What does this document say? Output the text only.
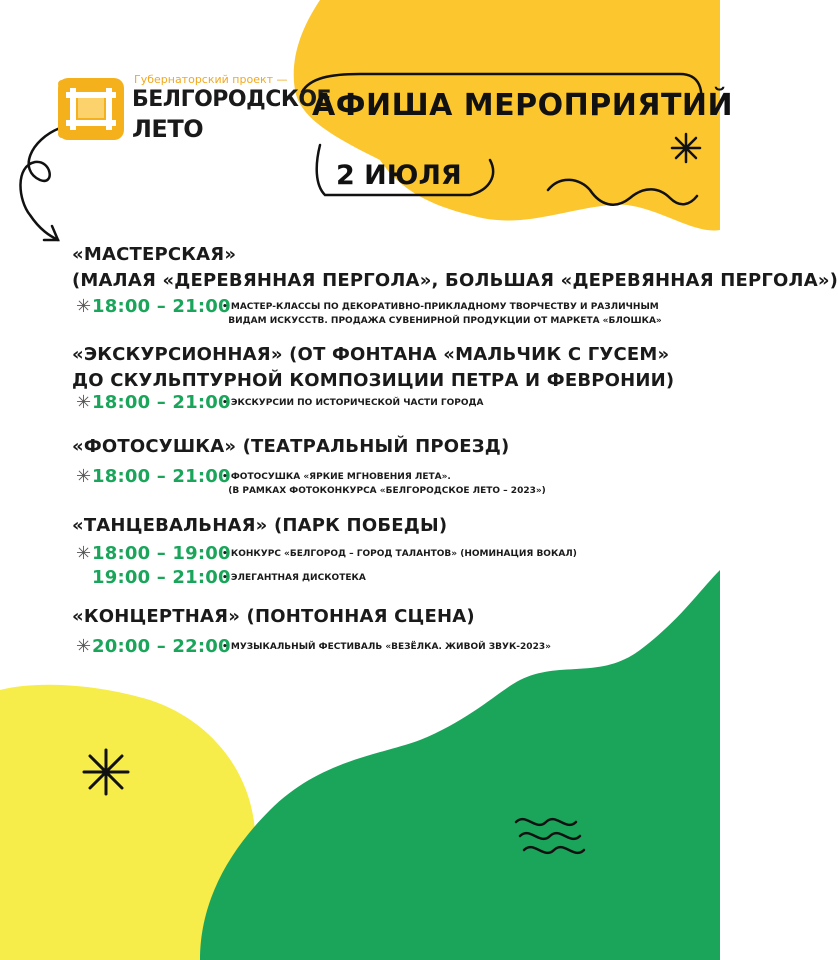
Губернаторский проект —
БЕЛГОРОДСКОЕ
ЛЕТО
АФИША МЕРОПРИЯТИЙ
2 ИЮЛЯ
«МАСТЕРСКАЯ»
(МАЛАЯ «ДЕРЕВЯННАЯ ПЕРГОЛА», БОЛЬШАЯ «ДЕРЕВЯННАЯ ПЕРГОЛА»)
✳ 18:00 – 21:00
• МАСТЕР-КЛАССЫ ПО ДЕКОРАТИВНО-ПРИКЛАДНОМУ ТВОРЧЕСТВУ И РАЗЛИЧНЫМ
ВИДАМ ИСКУССТВ. ПРОДАЖА СУВЕНИРНОЙ ПРОДУКЦИИ ОТ МАРКЕТА «БЛОШКА»
«ЭКСКУРСИОННАЯ» (ОТ ФОНТАНА «МАЛЬЧИК С ГУСЕМ»
ДО СКУЛЬПТУРНОЙ КОМПОЗИЦИИ ПЕТРА И ФЕВРОНИИ)
✳ 18:00 – 21:00
• ЭКСКУРСИИ ПО ИСТОРИЧЕСКОЙ ЧАСТИ ГОРОДА
«ФОТОСУШКА» (ТЕАТРАЛЬНЫЙ ПРОЕЗД)
✳ 18:00 – 21:00
• ФОТОСУШКА «ЯРКИЕ МГНОВЕНИЯ ЛЕТА».
(В РАМКАХ ФОТОКОНКУРСА «БЕЛГОРОДСКОЕ ЛЕТО – 2023»)
«ТАНЦЕВАЛЬНАЯ» (ПАРК ПОБЕДЫ)
✳ 18:00 – 19:00
• КОНКУРС «БЕЛГОРОД – ГОРОД ТАЛАНТОВ» (НОМИНАЦИЯ ВОКАЛ)
19:00 – 21:00
• ЭЛЕГАНТНАЯ ДИСКОТЕКА
«КОНЦЕРТНАЯ» (ПОНТОННАЯ СЦЕНА)
✳ 20:00 – 22:00
• МУЗЫКАЛЬНЫЙ ФЕСТИВАЛЬ «ВЕЗЁЛКА. ЖИВОЙ ЗВУК-2023»
